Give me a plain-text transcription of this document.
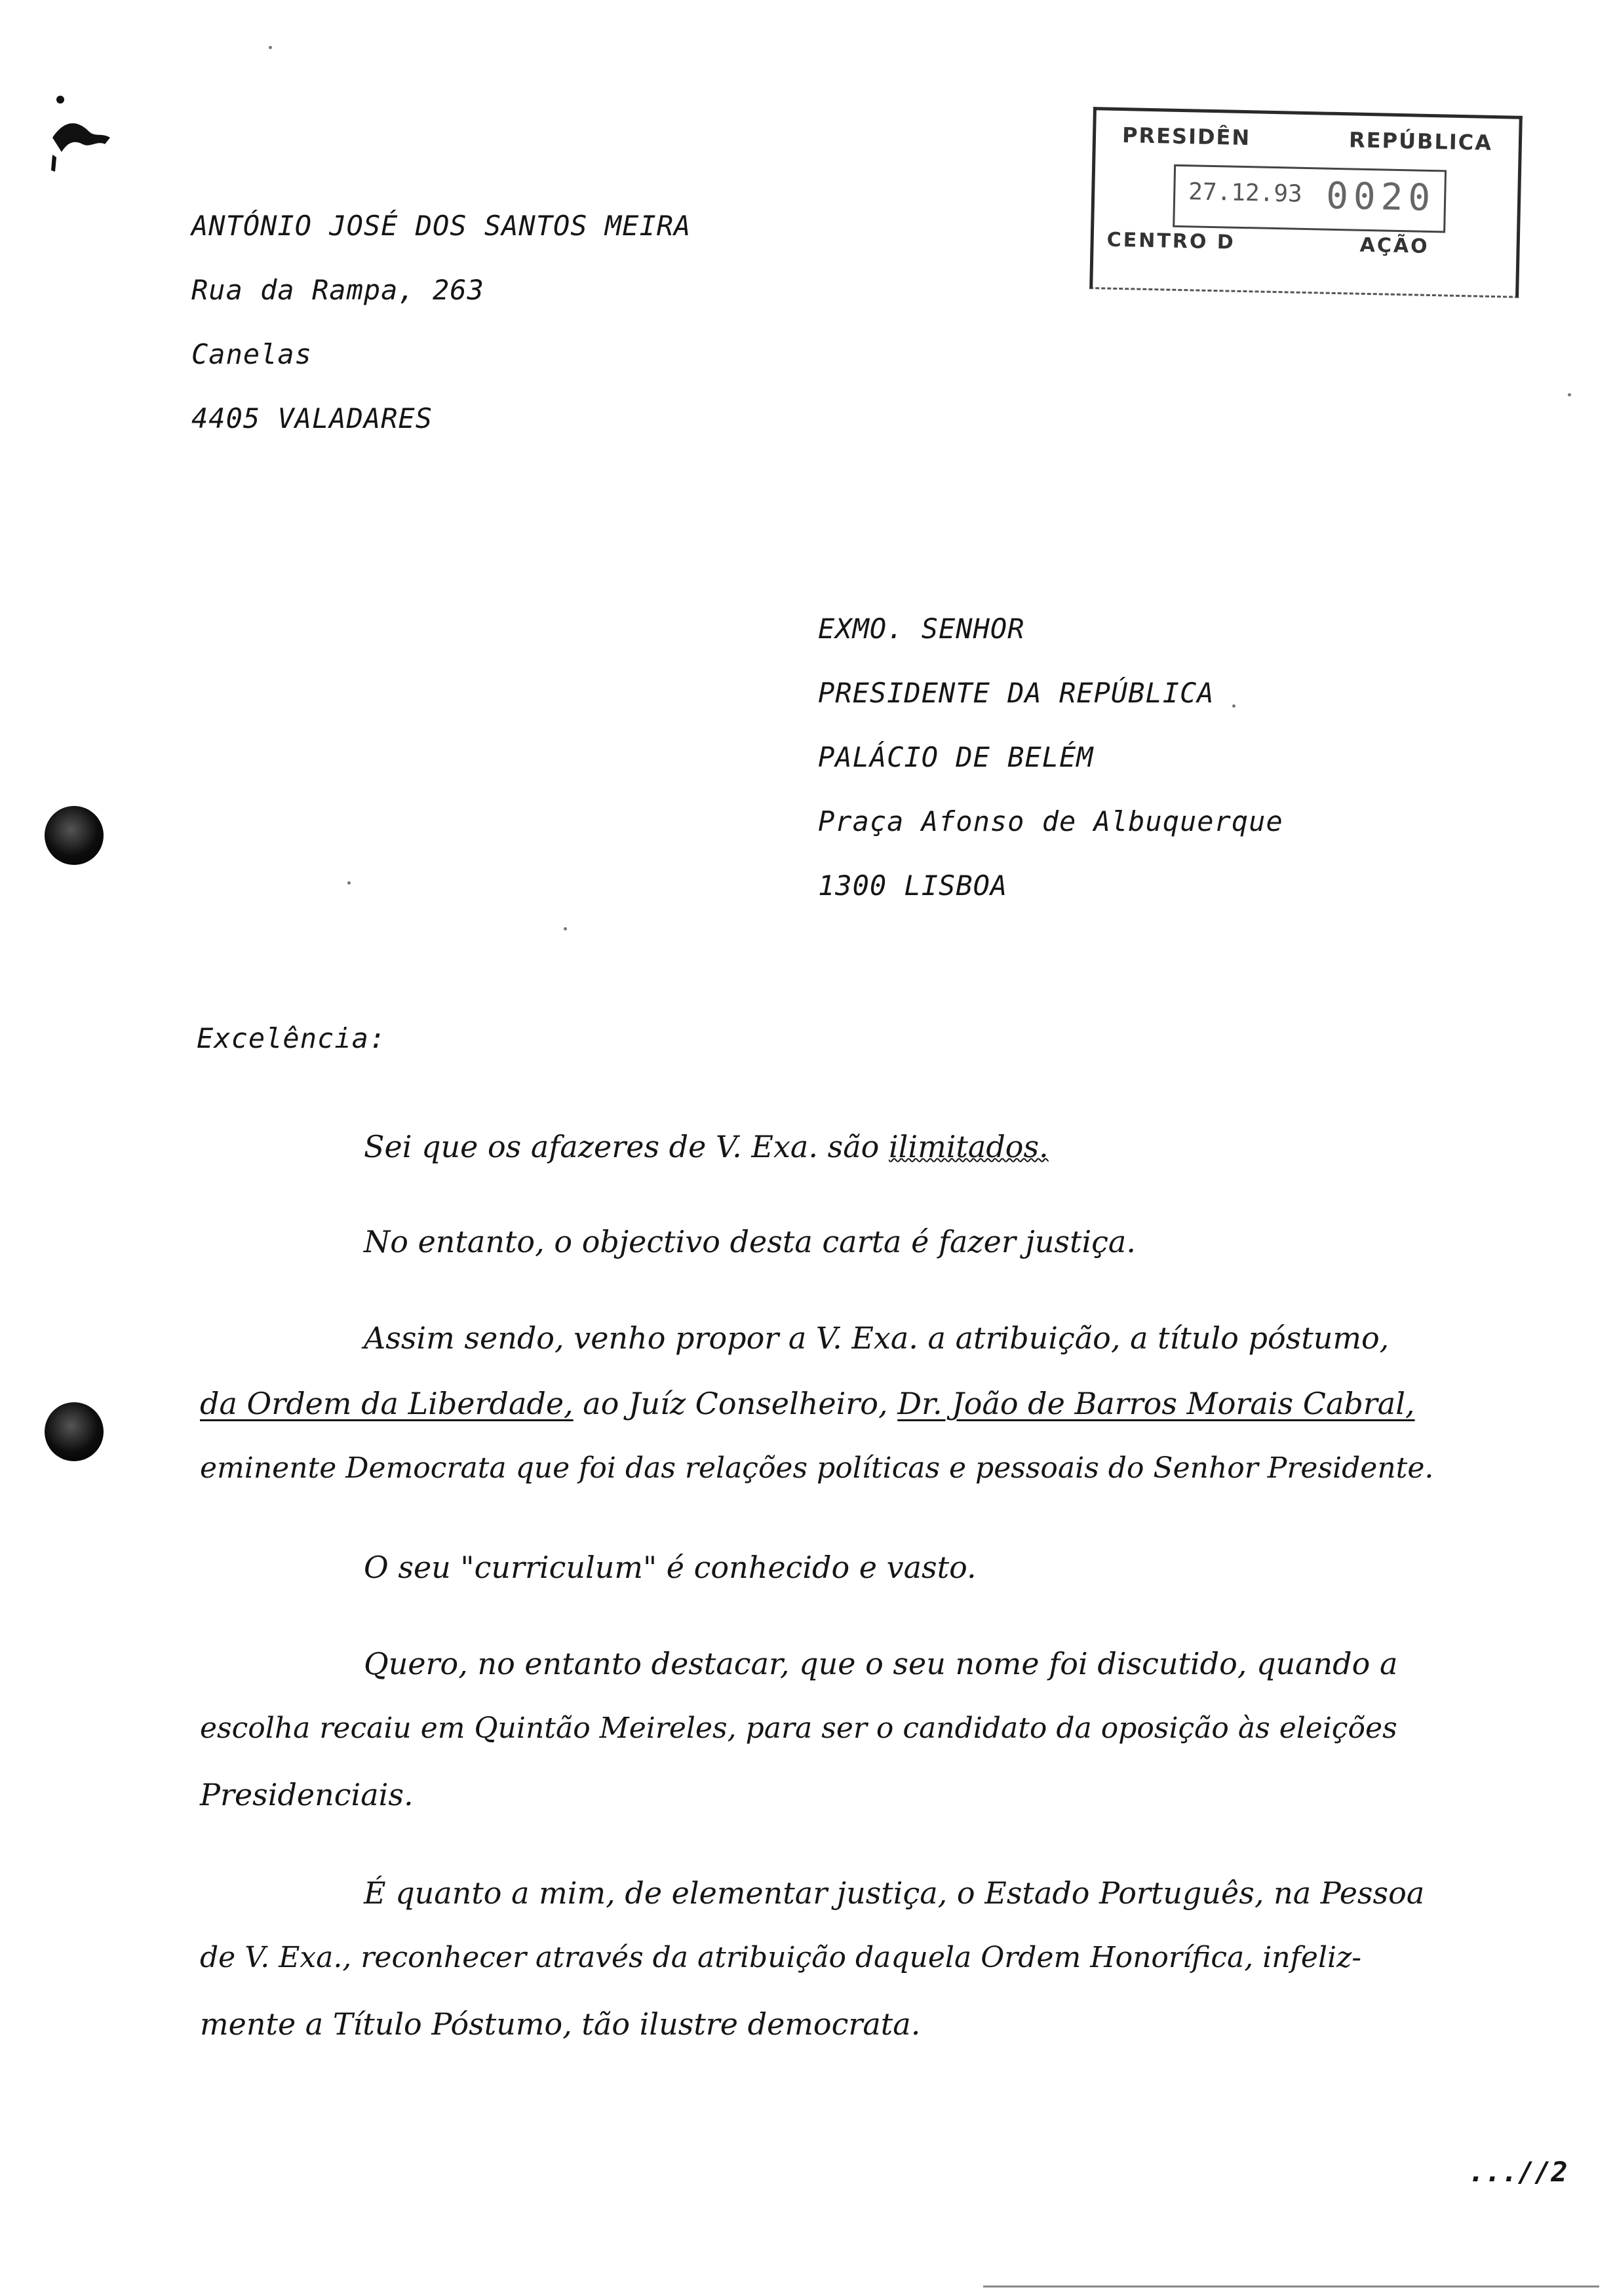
PRESIDÊN	REPÚBLICA
27.12.93 0020
CENTRO D	AÇÃO
ANTÓNIO JOSÉ DOS SANTOS MEIRA
Rua da Rampa, 263
Canelas
4405 VALADARES
EXMO. SENHOR
PRESIDENTE DA REPÚBLICA
PALÁCIO DE BELÉM
Praça Afonso de Albuquerque
1300 LISBOA
Excelência:
Sei que os afazeres de V. Exa. são ilimitados.
No entanto, o objectivo desta carta é fazer justiça.
Assim sendo, venho propor a V. Exa. a atribuição, a título póstumo,
da Ordem da Liberdade, ao Juíz Conselheiro, Dr. João de Barros Morais Cabral,
eminente Democrata que foi das relações políticas e pessoais do Senhor Presidente.
O seu "curriculum" é conhecido e vasto.
Quero, no entanto destacar, que o seu nome foi discutido, quando a
escolha recaiu em Quintão Meireles, para ser o candidato da oposição às eleições
Presidenciais.
É quanto a mim, de elementar justiça, o Estado Português, na Pessoa
de V. Exa., reconhecer através da atribuição daquela Ordem Honorífica, infeliz-
mente a Título Póstumo, tão ilustre democrata.
...//2
